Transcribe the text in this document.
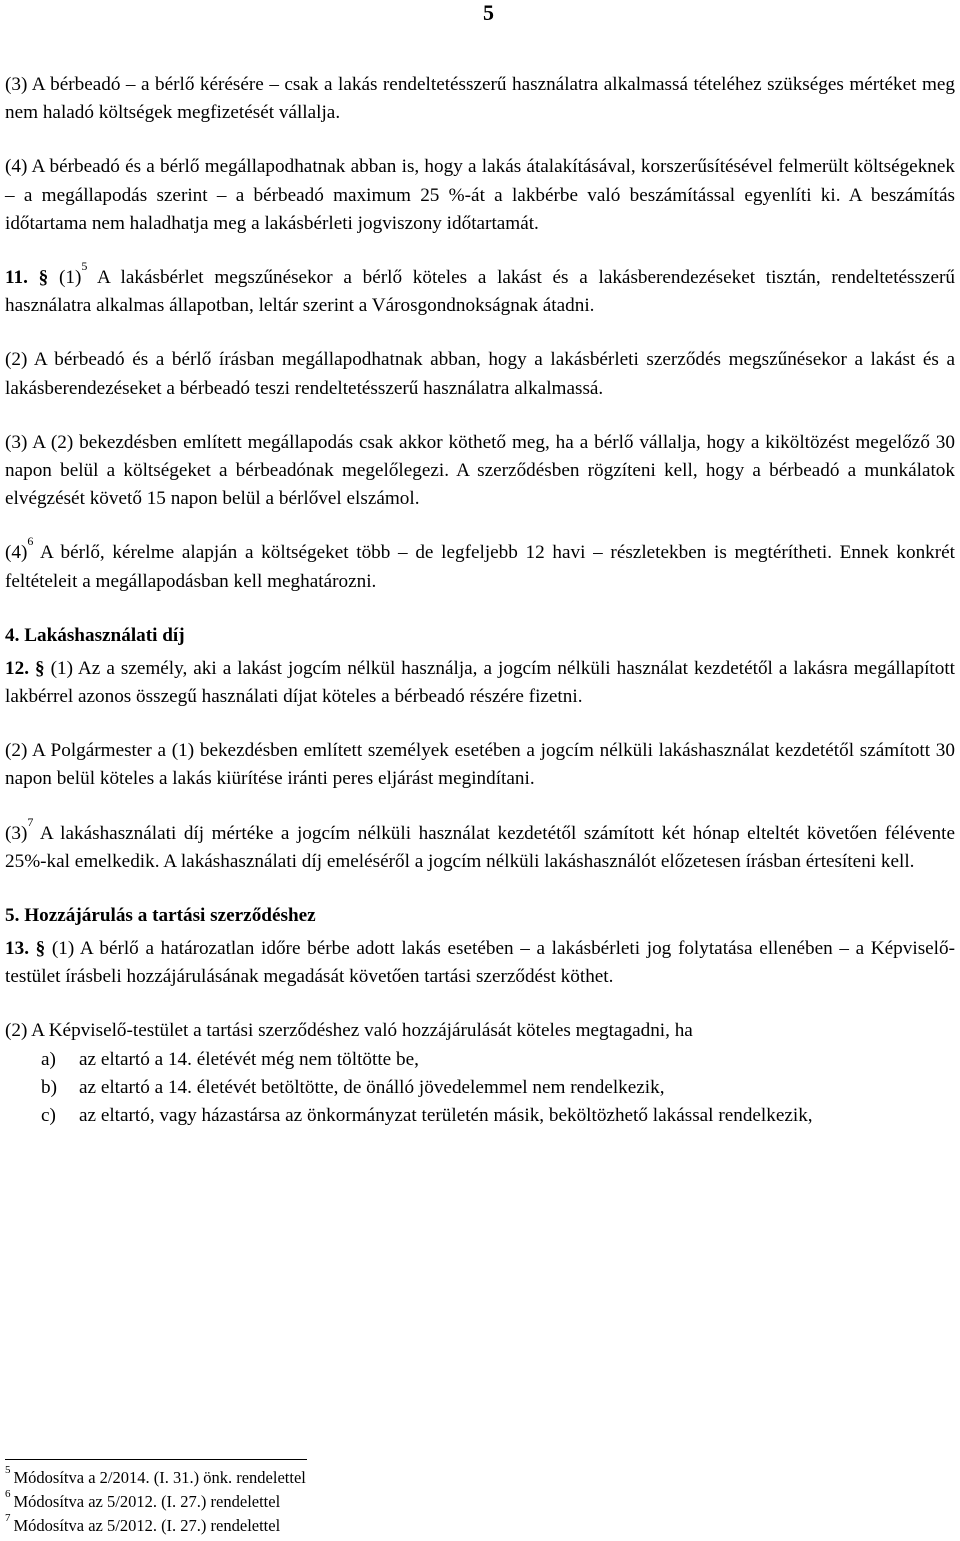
5

(3) A bérbeadó – a bérlő kérésére – csak a lakás rendeltetésszerű használatra alkalmassá tételéhez szükséges mértéket meg nem haladó költségek megfizetését vállalja.

(4) A bérbeadó és a bérlő megállapodhatnak abban is, hogy a lakás átalakításával, korszerűsítésével felmerült költségeknek – a megállapodás szerint – a bérbeadó maximum 25 %-át a lakbérbe való beszámítással egyenlíti ki. A beszámítás időtartama nem haladhatja meg a lakásbérleti jogviszony időtartamát.

11. § $(1)^5$ A lakásbérlet megszűnésekor a bérlő köteles a lakást és a lakásberendezéseket tisztán, rendeltetésszerű használatra alkalmas állapotban, leltár szerint a Városgondnokságnak átadni.

(2) A bérbeadó és a bérlő írásban megállapodhatnak abban, hogy a lakásbérleti szerződés megszűnésekor a lakást és a lakásberendezéseket a bérbeadó teszi rendeltetésszerű használatra alkalmassá.

(3) A (2) bekezdésben említett megállapodás csak akkor köthető meg, ha a bérlő vállalja, hogy a kiköltözést megelőző 30 napon belül a költségeket a bérbeadónak megelőlegezi. A szerződésben rögzíteni kell, hogy a bérbeadó a munkálatok elvégzését követő 15 napon belül a bérlővel elszámol.

$(4)^6$ A bérlő, kérelme alapján a költségeket több – de legfeljebb 12 havi – részletekben is megtérítheti. Ennek konkrét feltételeit a megállapodásban kell meghatározni.

4. Lakáshasználati díj

12. § (1) Az a személy, aki a lakást jogcím nélkül használja, a jogcím nélküli használat kezdetétől a lakásra megállapított lakbérrel azonos összegű használati díjat köteles a bérbeadó részére fizetni.

(2) A Polgármester a (1) bekezdésben említett személyek esetében a jogcím nélküli lakáshasználat kezdetétől számított 30 napon belül köteles a lakás kiürítése iránti peres eljárást megindítani.

$(3)^7$ A lakáshasználati díj mértéke a jogcím nélküli használat kezdetétől számított két hónap elteltét követően félévente 25%-kal emelkedik. A lakáshasználati díj emeléséről a jogcím nélküli lakáshasználót előzetesen írásban értesíteni kell.

5. Hozzájárulás a tartási szerződéshez

13. § (1) A bérlő a határozatlan időre bérbe adott lakás esetében – a lakásbérleti jog folytatása ellenében – a Képviselő-testület írásbeli hozzájárulásának megadását követően tartási szerződést köthet.

(2) A Képviselő-testület a tartási szerződéshez való hozzájárulását köteles megtagadni, ha

a)	az eltartó a 14. életévét még nem töltötte be,
b)	az eltartó a 14. életévét betöltötte, de önálló jövedelemmel nem rendelkezik,
c)	az eltartó, vagy házastársa az önkormányzat területén másik, beköltözhető lakással rendelkezik,
$^5$ Módosítva a 2/2014. (I. 31.) önk. rendelettel
$^6$ Módosítva az 5/2012. (I. 27.) rendelettel
$^7$ Módosítva az 5/2012. (I. 27.) rendelettel
